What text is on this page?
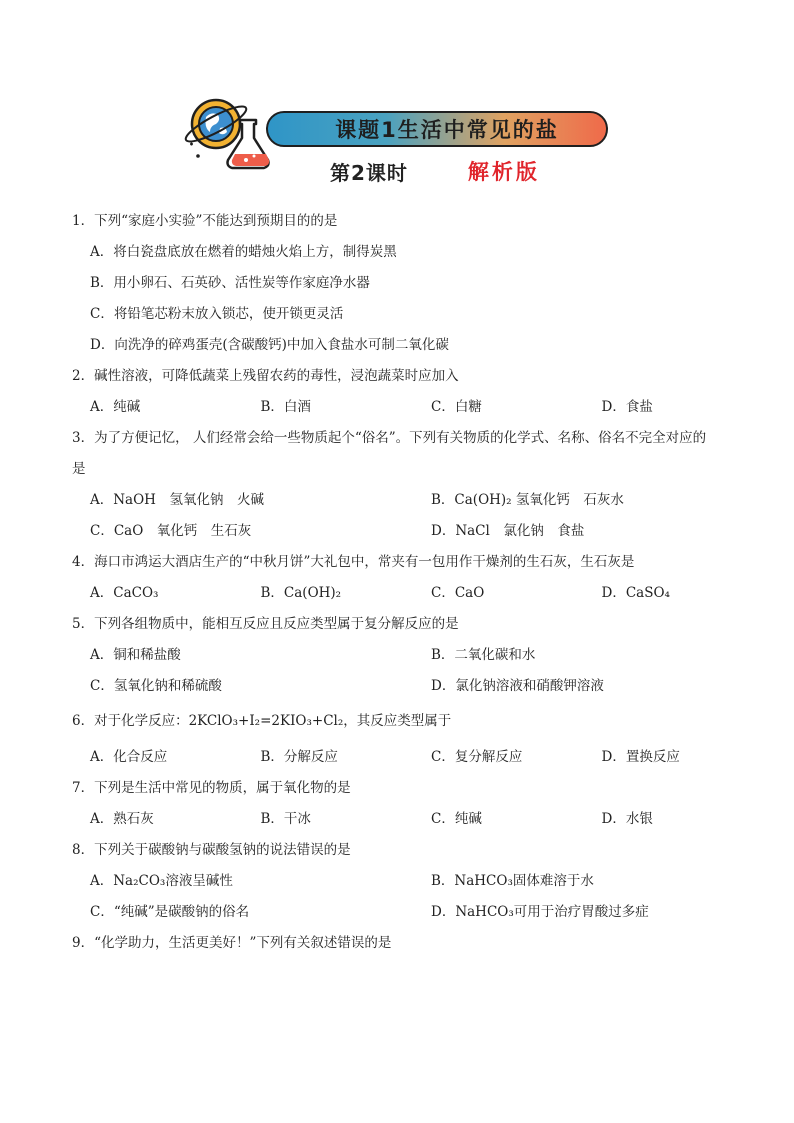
课题1生活中常见的盐
第2课时	解析版
1．下列“家庭小实验”不能达到预期目的的是
A．将白瓷盘底放在燃着的蜡烛火焰上方，制得炭黑
B．用小卵石、石英砂、活性炭等作家庭净水器
C．将铅笔芯粉末放入锁芯，使开锁更灵活
D．向洗净的碎鸡蛋壳(含碳酸钙)中加入食盐水可制二氧化碳
2．碱性溶液，可降低蔬菜上残留农药的毒性，浸泡蔬菜时应加入
A．纯碱	B．白酒	C．白糖	D．食盐
3．为了方便记忆， 人们经常会给一些物质起个“俗名”。下列有关物质的化学式、名称、俗名不完全对应的
是
A．NaOH　氢氧化钠　火碱	B．Ca(OH)₂ 氢氧化钙　石灰水
C．CaO　氧化钙　生石灰	D．NaCl　氯化钠　食盐
4．海口市鸿运大酒店生产的“中秋月饼”大礼包中，常夹有一包用作干燥剂的生石灰，生石灰是
A．CaCO₃	B．Ca(OH)₂	C．CaO	D．CaSO₄
5．下列各组物质中，能相互反应且反应类型属于复分解反应的是
A．铜和稀盐酸	B．二氧化碳和水
C．氢氧化钠和稀硫酸	D．氯化钠溶液和硝酸钾溶液
6．对于化学反应：2KClO₃+I₂=2KIO₃+Cl₂，其反应类型属于
A．化合反应	B．分解反应	C．复分解反应	D．置换反应
7．下列是生活中常见的物质，属于氧化物的是
A．熟石灰	B．干冰	C．纯碱	D．水银
8．下列关于碳酸钠与碳酸氢钠的说法错误的是
A．Na₂CO₃溶液呈碱性	B．NaHCO₃固体难溶于水
C．“纯碱”是碳酸钠的俗名	D．NaHCO₃可用于治疗胃酸过多症
9．“化学助力，生活更美好！”下列有关叙述错误的是
